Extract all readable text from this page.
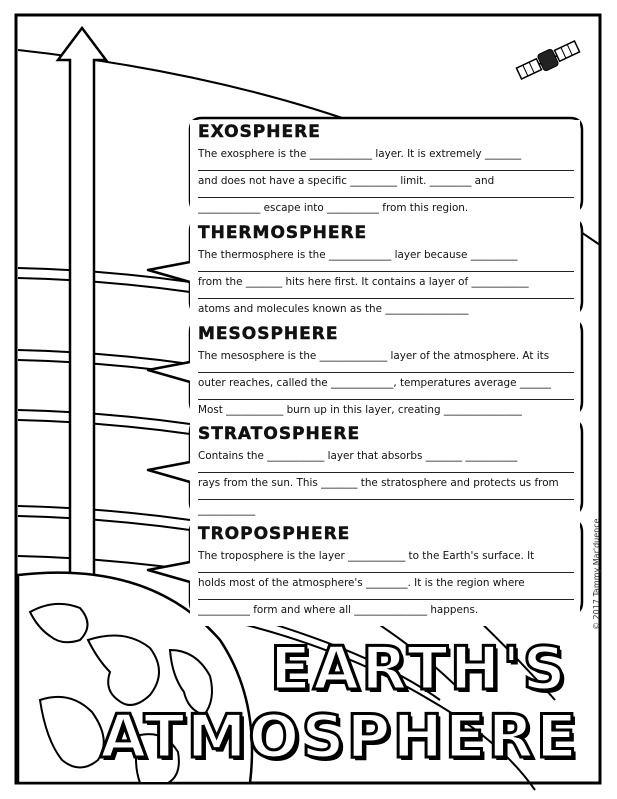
EXOSPHERE
The exosphere is the ____________ layer. It is extremely _______
and does not have a specific _________ limit. ________ and
____________ escape into __________ from this region.
THERMOSPHERE
The thermosphere is the ____________ layer because _________
from the _______ hits here first. It contains a layer of ___________
atoms and molecules known as the ________________
MESOSPHERE
The mesosphere is the _____________ layer of the atmosphere. At its
outer reaches, called the ____________, temperatures average ______
Most ___________ burn up in this layer, creating _______________
STRATOSPHERE
Contains the ___________ layer that absorbs _______ __________
rays from the sun. This _______ the stratosphere and protects us from
___________
TROPOSPHERE
The troposphere is the layer ___________ to the Earth's surface. It
holds most of the atmosphere's ________. It is the region where
__________ form and where all ______________ happens.	© 2017 Tammy Mar'duence
EARTH'S
ATMOSPHERE
